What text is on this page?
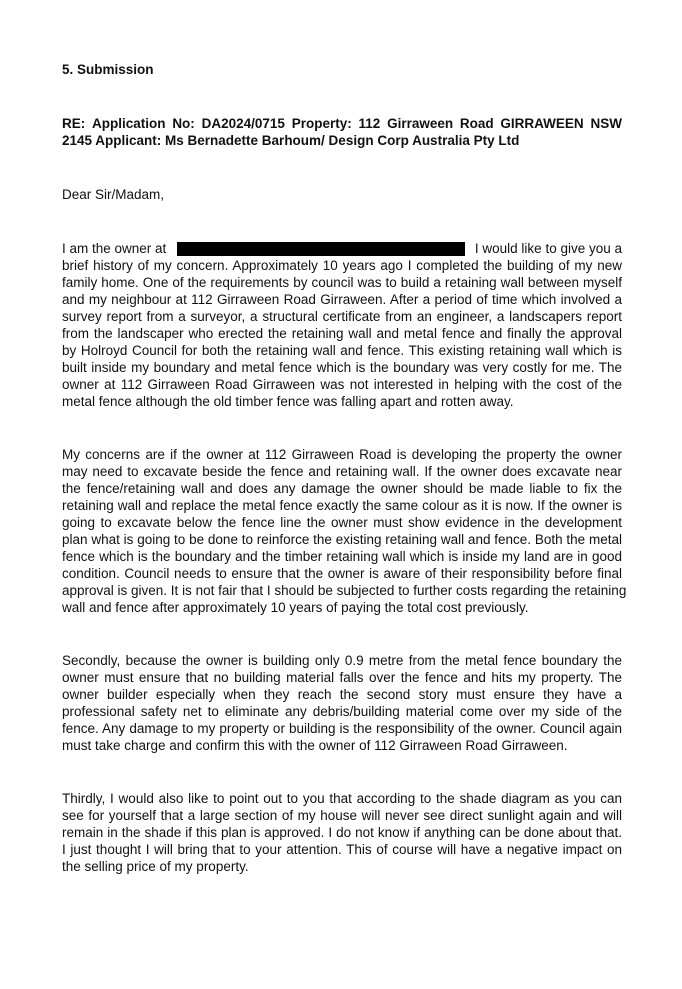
5. Submission
RE: Application No: DA2024/0715 Property: 112 Girraween Road GIRRAWEEN NSW
2145 Applicant: Ms Bernadette Barhoum/ Design Corp Australia Pty Ltd
Dear Sir/Madam,
I am the owner at	I would like to give you a
brief history of my concern. Approximately 10 years ago I completed the building of my new
family home. One of the requirements by council was to build a retaining wall between myself
and my neighbour at 112 Girraween Road Girraween. After a period of time which involved a
survey report from a surveyor, a structural certificate from an engineer, a landscapers report
from the landscaper who erected the retaining wall and metal fence and finally the approval
by Holroyd Council for both the retaining wall and fence. This existing retaining wall which is
built inside my boundary and metal fence which is the boundary was very costly for me. The
owner at 112 Girraween Road Girraween was not interested in helping with the cost of the
metal fence although the old timber fence was falling apart and rotten away.
My concerns are if the owner at 112 Girraween Road is developing the property the owner
may need to excavate beside the fence and retaining wall. If the owner does excavate near
the fence/retaining wall and does any damage the owner should be made liable to fix the
retaining wall and replace the metal fence exactly the same colour as it is now. If the owner is
going to excavate below the fence line the owner must show evidence in the development
plan what is going to be done to reinforce the existing retaining wall and fence. Both the metal
fence which is the boundary and the timber retaining wall which is inside my land are in good
condition. Council needs to ensure that the owner is aware of their responsibility before final
approval is given. It is not fair that I should be subjected to further costs regarding the retaining
wall and fence after approximately 10 years of paying the total cost previously.
Secondly, because the owner is building only 0.9 metre from the metal fence boundary the
owner must ensure that no building material falls over the fence and hits my property. The
owner builder especially when they reach the second story must ensure they have a
professional safety net to eliminate any debris/building material come over my side of the
fence. Any damage to my property or building is the responsibility of the owner. Council again
must take charge and confirm this with the owner of 112 Girraween Road Girraween.
Thirdly, I would also like to point out to you that according to the shade diagram as you can
see for yourself that a large section of my house will never see direct sunlight again and will
remain in the shade if this plan is approved. I do not know if anything can be done about that.
I just thought I will bring that to your attention. This of course will have a negative impact on
the selling price of my property.
